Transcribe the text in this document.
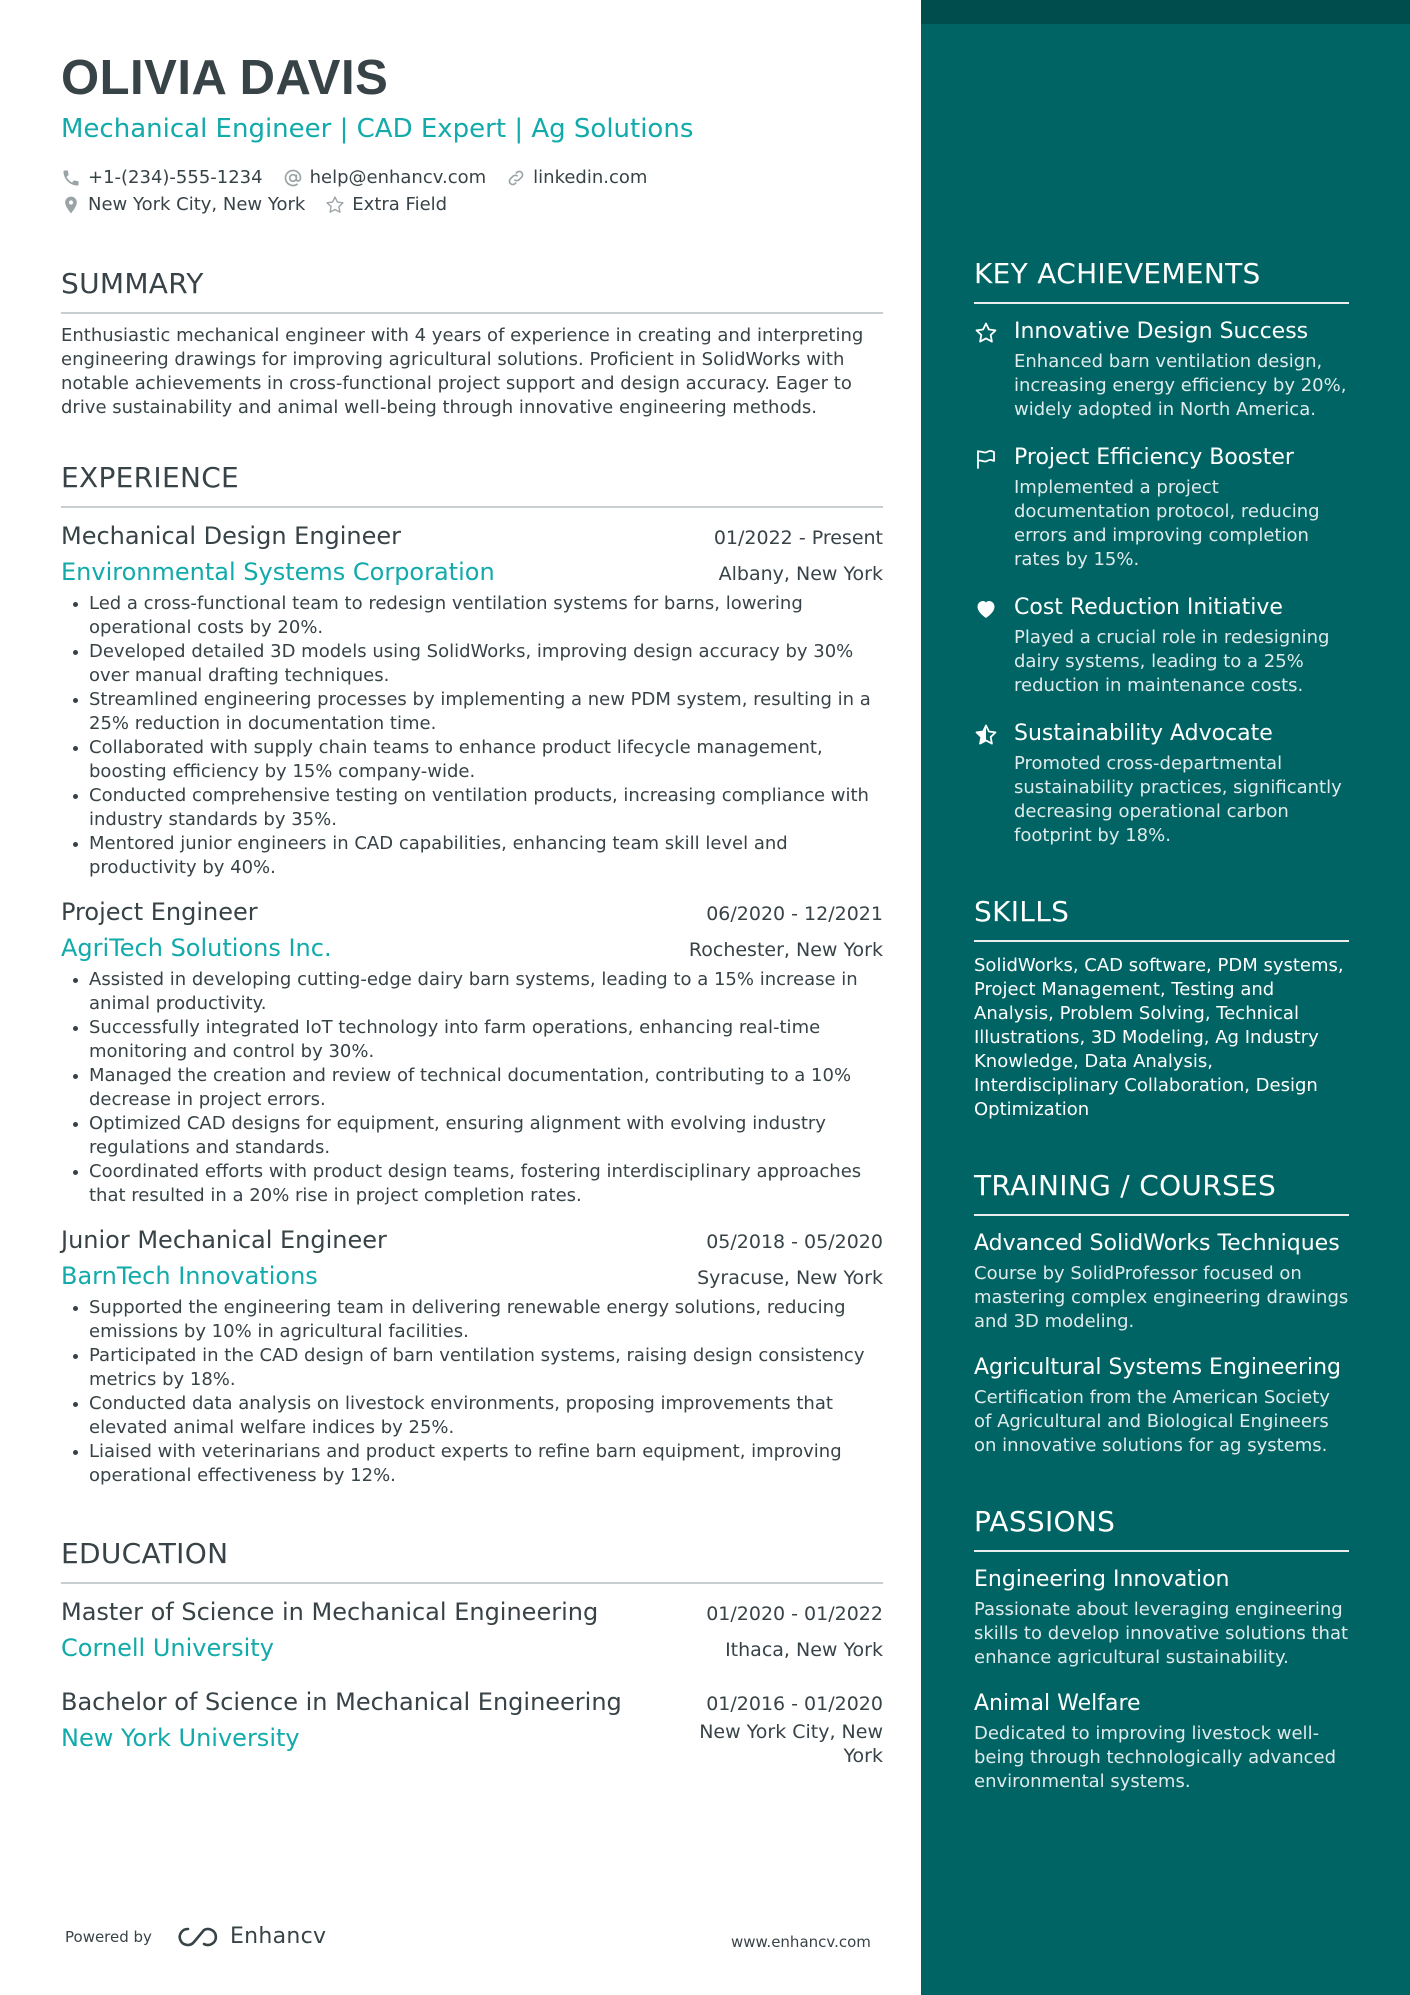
OLIVIA DAVIS
Mechanical Engineer | CAD Expert | Ag Solutions
+1-(234)-555-1234	help@enhancv.com	linkedin.com
New York City, New York	Extra Field
SUMMARY
Enthusiastic mechanical engineer with 4 years of experience in creating and interpreting engineering drawings for improving agricultural solutions. Proficient in SolidWorks with notable achievements in cross-functional project support and design accuracy. Eager to drive sustainability and animal well-being through innovative engineering methods.
EXPERIENCE
Mechanical Design Engineer	01/2022 - Present
Environmental Systems Corporation	Albany, New York
Led a cross-functional team to redesign ventilation systems for barns, lowering operational costs by 20%.
Developed detailed 3D models using SolidWorks, improving design accuracy by 30% over manual drafting techniques.
Streamlined engineering processes by implementing a new PDM system, resulting in a 25% reduction in documentation time.
Collaborated with supply chain teams to enhance product lifecycle management, boosting efficiency by 15% company-wide.
Conducted comprehensive testing on ventilation products, increasing compliance with industry standards by 35%.
Mentored junior engineers in CAD capabilities, enhancing team skill level and productivity by 40%.
Project Engineer	06/2020 - 12/2021
AgriTech Solutions Inc.	Rochester, New York
Assisted in developing cutting-edge dairy barn systems, leading to a 15% increase in animal productivity.
Successfully integrated IoT technology into farm operations, enhancing real-time monitoring and control by 30%.
Managed the creation and review of technical documentation, contributing to a 10% decrease in project errors.
Optimized CAD designs for equipment, ensuring alignment with evolving industry regulations and standards.
Coordinated efforts with product design teams, fostering interdisciplinary approaches that resulted in a 20% rise in project completion rates.
Junior Mechanical Engineer	05/2018 - 05/2020
BarnTech Innovations	Syracuse, New York
Supported the engineering team in delivering renewable energy solutions, reducing emissions by 10% in agricultural facilities.
Participated in the CAD design of barn ventilation systems, raising design consistency metrics by 18%.
Conducted data analysis on livestock environments, proposing improvements that elevated animal welfare indices by 25%.
Liaised with veterinarians and product experts to refine barn equipment, improving operational effectiveness by 12%.
EDUCATION
Master of Science in Mechanical Engineering	01/2020 - 01/2022
Cornell University	Ithaca, New York
Bachelor of Science in Mechanical Engineering	01/2016 - 01/2020
New York University	New York City, New York
Powered by	Enhancv	www.enhancv.com
KEY ACHIEVEMENTS
Innovative Design Success
Enhanced barn ventilation design, increasing energy efficiency by 20%, widely adopted in North America.
Project Efficiency Booster
Implemented a project documentation protocol, reducing errors and improving completion rates by 15%.
Cost Reduction Initiative
Played a crucial role in redesigning dairy systems, leading to a 25% reduction in maintenance costs.
Sustainability Advocate
Promoted cross-departmental sustainability practices, significantly decreasing operational carbon footprint by 18%.
SKILLS
SolidWorks, CAD software, PDM systems, Project Management, Testing and Analysis, Problem Solving, Technical Illustrations, 3D Modeling, Ag Industry Knowledge, Data Analysis, Interdisciplinary Collaboration, Design Optimization
TRAINING / COURSES
Advanced SolidWorks Techniques
Course by SolidProfessor focused on mastering complex engineering drawings and 3D modeling.
Agricultural Systems Engineering
Certification from the American Society of Agricultural and Biological Engineers on innovative solutions for ag systems.
PASSIONS
Engineering Innovation
Passionate about leveraging engineering skills to develop innovative solutions that enhance agricultural sustainability.
Animal Welfare
Dedicated to improving livestock well-being through technologically advanced environmental systems.
